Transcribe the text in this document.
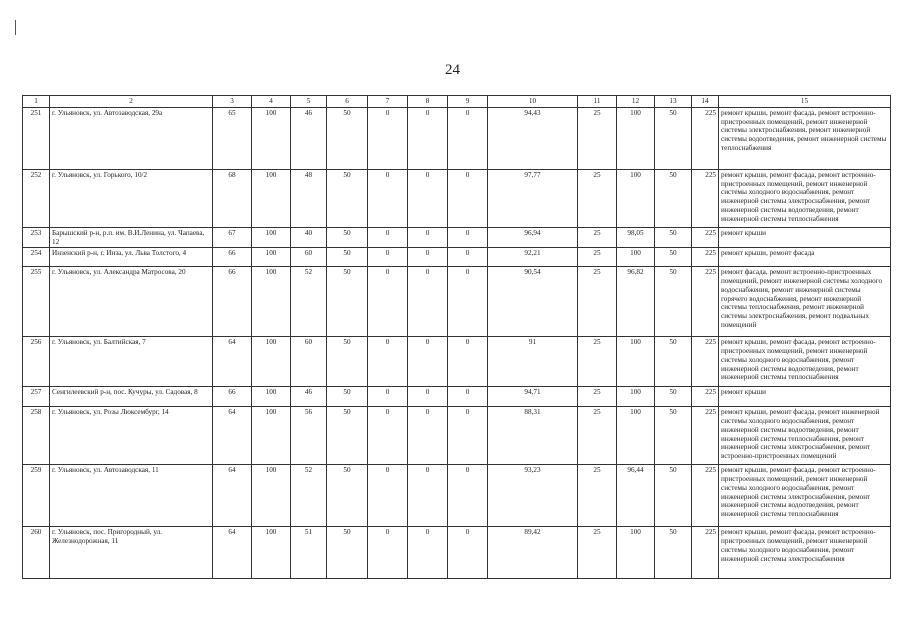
24
1	2	3	4	5	6	7	8	9	10	11	12	13	14	15
251	г. Ульяновск, ул. Автозаводская, 29а	65	100	46	50	0	0	0	94,43	25	100	50	225	ремонт крыши, ремонт фасада, ремонт встроенно-пристроенных помещений, ремонт инженерной системы электроснабжения, ремонт инженерной системы водоотведения, ремонт инженерной системы теплоснабжения
252	г. Ульяновск, ул. Горького, 10/2	68	100	48	50	0	0	0	97,77	25	100	50	225	ремонт крыши, ремонт фасада, ремонт встроенно-пристроенных помещений, ремонт инженерной системы холодного водоснабжения, ремонт инженерной системы электроснабжения, ремонт инженерной системы водоотведения, ремонт инженерной системы теплоснабжения
253	Барышский р-н, р.п. им. В.И.Ленина, ул. Чапаева, 12	67	100	40	50	0	0	0	96,94	25	98,05	50	225	ремонт крыши
254	Инзенский р-н, г. Инза, ул. Льва Толстого, 4	66	100	60	50	0	0	0	92,21	25	100	50	225	ремонт крыши, ремонт фасада
255	г. Ульяновск, ул. Александра Матросова, 20	66	100	52	50	0	0	0	90,54	25	96,82	50	225	ремонт фасада, ремонт встроенно-пристроенных помещений, ремонт инженерной системы холодного водоснабжения, ремонт инженерной системы горячего водоснабжения, ремонт инженерной системы теплоснабжения, ремонт инженерной системы электроснабжения, ремонт подвальных помещений
256	г. Ульяновск, ул. Балтийская, 7	64	100	60	50	0	0	0	91	25	100	50	225	ремонт крыши, ремонт фасада, ремонт встроенно-пристроенных помещений, ремонт инженерной системы холодного водоснабжения, ремонт инженерной системы водоотведения, ремонт инженерной системы теплоснабжения
257	Сенгилеевский р-н, пос. Кучуры, ул. Садовая, 8	66	100	46	50	0	0	0	94,71	25	100	50	225	ремонт крыши
258	г. Ульяновск, ул. Розы Люксембург, 14	64	100	56	50	0	0	0	88,31	25	100	50	225	ремонт крыши, ремонт фасада, ремонт инженерной системы холодного водоснабжения, ремонт инженерной системы водоотведения, ремонт инженерной системы теплоснабжения, ремонт инженерной системы электроснабжения, ремонт встроенно-пристроенных помещений
259	г. Ульяновск, ул. Автозаводская, 11	64	100	52	50	0	0	0	93,23	25	96,44	50	225	ремонт крыши, ремонт фасада, ремонт встроенно-пристроенных помещений, ремонт инженерной системы холодного водоснабжения, ремонт инженерной системы электроснабжения, ремонт инженерной системы водоотведения, ремонт инженерной системы теплоснабжения
260	г. Ульяновск, пос. Пригородный, ул. Железнодорожная, 11	64	100	51	50	0	0	0	89,42	25	100	50	225	ремонт крыши, ремонт фасада, ремонт встроенно-пристроенных помещений, ремонт инженерной системы холодного водоснабжения, ремонт инженерной системы электроснабжения
